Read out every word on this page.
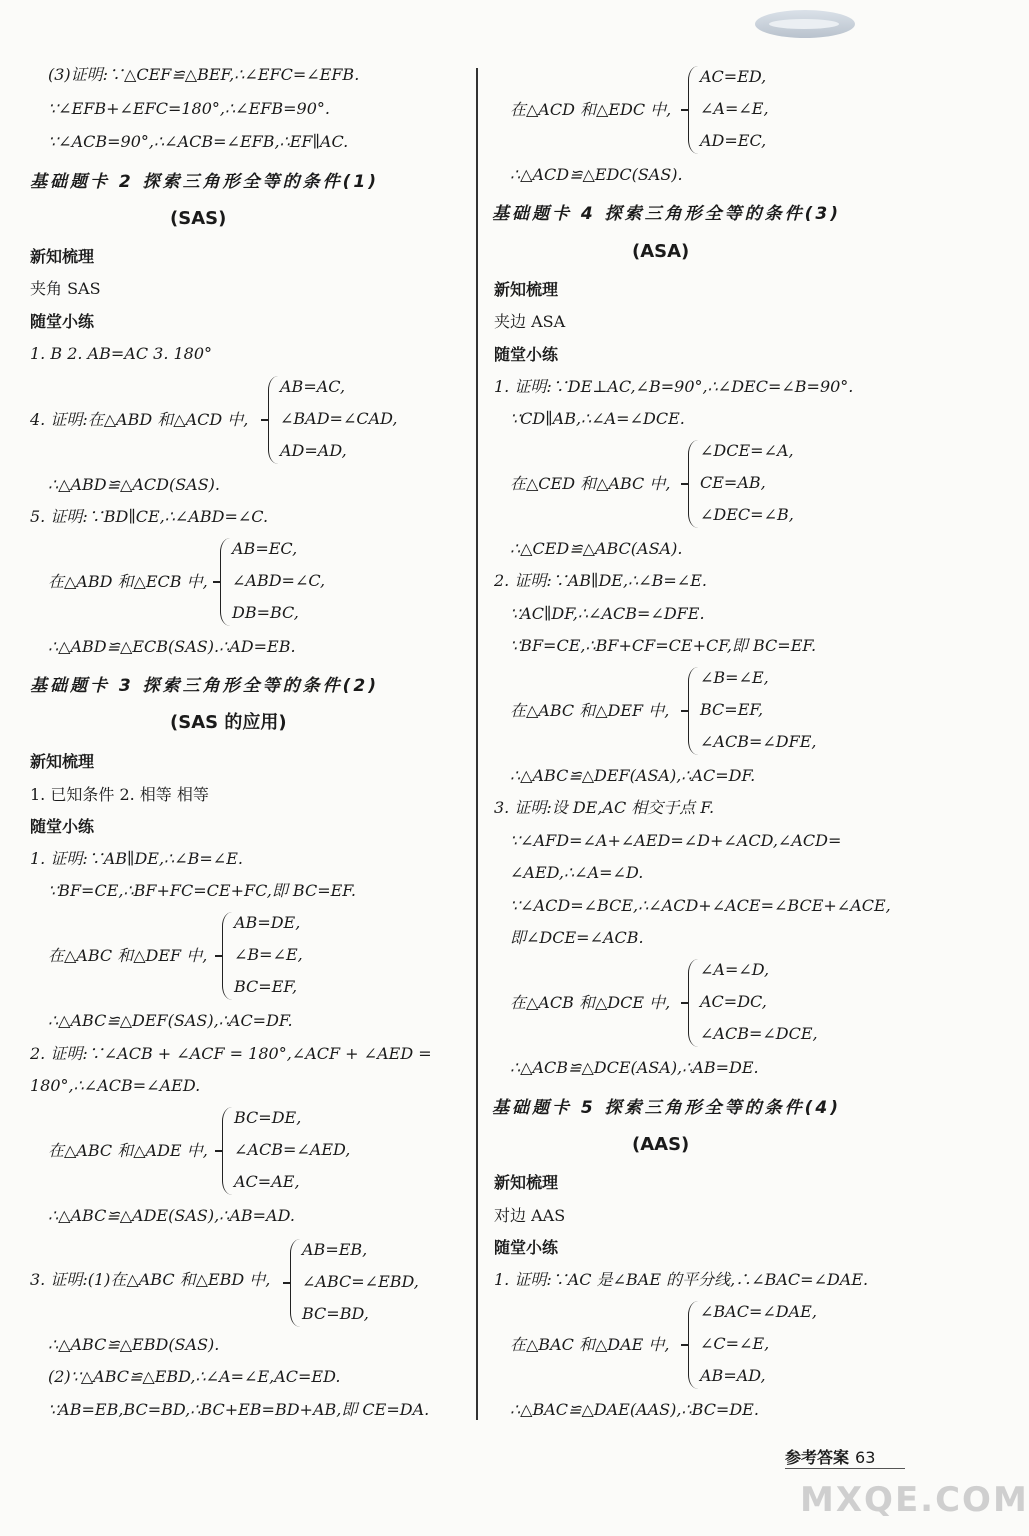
(3)证明:∵△CEF≌△BEF,∴∠EFC=∠EFB.
∵∠EFB+∠EFC=180°,∴∠EFB=90°.
∵∠ACB=90°,∴∠ACB=∠EFB,∴EF∥AC.
基础题卡 2 探索三角形全等的条件(1)
(SAS)
新知梳理
夹角 SAS
随堂小练
1. B 2. AB=AC 3. 180°
4. 证明:在△ABD 和△ACD 中,
AB=AC,
∠BAD=∠CAD,
AD=AD,
∴△ABD≌△ACD(SAS).
5. 证明:∵BD∥CE,∴∠ABD=∠C.
在△ABD 和△ECB 中,
AB=EC,
∠ABD=∠C,
DB=BC,
∴△ABD≌△ECB(SAS).∴AD=EB.
基础题卡 3 探索三角形全等的条件(2)
(SAS 的应用)
新知梳理
1. 已知条件 2. 相等 相等
随堂小练
1. 证明:∵AB∥DE,∴∠B=∠E.
∵BF=CE,∴BF+FC=CE+FC,即 BC=EF.
在△ABC 和△DEF 中,
AB=DE,
∠B=∠E,
BC=EF,
∴△ABC≌△DEF(SAS),∴AC=DF.
2. 证明:∵∠ACB + ∠ACF = 180°,∠ACF + ∠AED =
180°,∴∠ACB=∠AED.
在△ABC 和△ADE 中,
BC=DE,
∠ACB=∠AED,
AC=AE,
∴△ABC≌△ADE(SAS),∴AB=AD.
3. 证明:(1)在△ABC 和△EBD 中,
AB=EB,
∠ABC=∠EBD,
BC=BD,
∴△ABC≌△EBD(SAS).
(2)∵△ABC≌△EBD,∴∠A=∠E,AC=ED.
∵AB=EB,BC=BD,∴BC+EB=BD+AB,即 CE=DA.
在△ACD 和△EDC 中,
AC=ED,
∠A=∠E,
AD=EC,
∴△ACD≌△EDC(SAS).
基础题卡 4 探索三角形全等的条件(3)
(ASA)
新知梳理
夹边 ASA
随堂小练
1. 证明:∵DE⊥AC,∠B=90°,∴∠DEC=∠B=90°.
∵CD∥AB,∴∠A=∠DCE.
在△CED 和△ABC 中,
∠DCE=∠A,
CE=AB,
∠DEC=∠B,
∴△CED≌△ABC(ASA).
2. 证明:∵AB∥DE,∴∠B=∠E.
∵AC∥DF,∴∠ACB=∠DFE.
∵BF=CE,∴BF+CF=CE+CF,即 BC=EF.
在△ABC 和△DEF 中,
∠B=∠E,
BC=EF,
∠ACB=∠DFE,
∴△ABC≌△DEF(ASA),∴AC=DF.
3. 证明:设 DE,AC 相交于点 F.
∵∠AFD=∠A+∠AED=∠D+∠ACD,∠ACD=
∠AED,∴∠A=∠D.
∵∠ACD=∠BCE,∴∠ACD+∠ACE=∠BCE+∠ACE,
即∠DCE=∠ACB.
在△ACB 和△DCE 中,
∠A=∠D,
AC=DC,
∠ACB=∠DCE,
∴△ACB≌△DCE(ASA),∴AB=DE.
基础题卡 5 探索三角形全等的条件(4)
(AAS)
新知梳理
对边 AAS
随堂小练
1. 证明:∵AC 是∠BAE 的平分线,∴∠BAC=∠DAE.
在△BAC 和△DAE 中,
∠BAC=∠DAE,
∠C=∠E,
AB=AD,
∴△BAC≌△DAE(AAS),∴BC=DE.
参考答案 63
MXQE.COM
